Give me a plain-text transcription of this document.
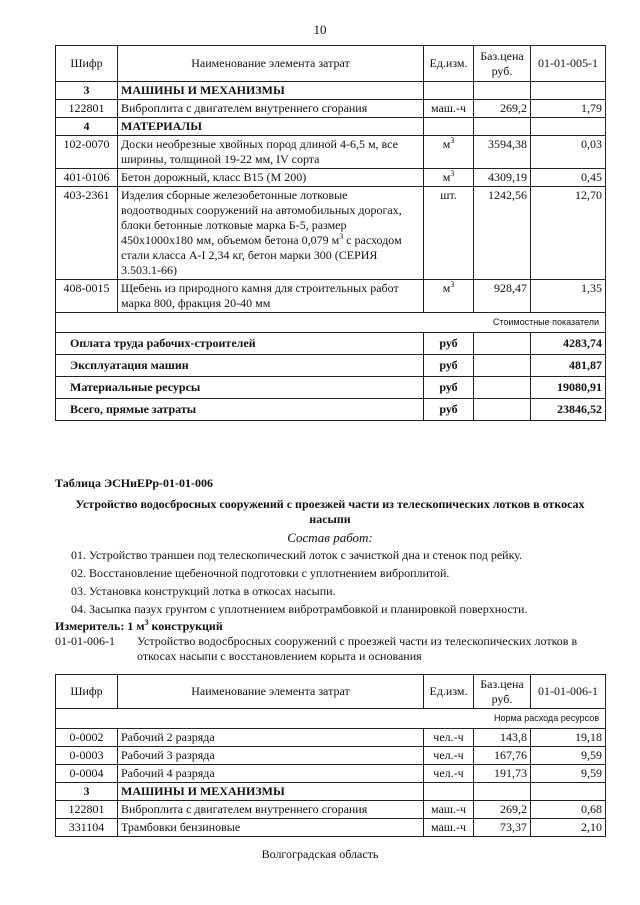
10
Шифр	Наименование элемента затрат	Ед.изм.	Баз.цена руб.	01-01-005-1
3	МАШИНЫ И МЕХАНИЗМЫ			
122801	Виброплита с двигателем внутреннего сгорания	маш.-ч	269,2	1,79
4	МАТЕРИАЛЫ			
102-0070	Доски необрезные хвойных пород длиной 4-6,5 м, все ширины, толщиной 19-22 мм, IV сорта	$м^3$	3594,38	0,03
401-0106	Бетон дорожный, класс В15 (М 200)	$м^3$	4309,19	0,45
403-2361	Изделия сборные железобетонные лотковые водоотводных сооружений на автомобильных дорогах, блоки бетонные лотковые марка Б-5, размер 450х1000х180 мм, объемом бетона 0,079 $м^3$ с расходом стали класса А-I 2,34 кг, бетон марки 300 (СЕРИЯ 3.503.1-66)	шт.	1242,56	12,70
408-0015	Щебень из природного камня для строительных работ марка 800, фракция 20-40 мм	$м^3$	928,47	1,35
Стоимостные показатели				
Оплата труда рабочих-строителей		руб		4283,74
Эксплуатация машин		руб		481,87
Материальные ресурсы		руб		19080,91
Всего, прямые затраты		руб		23846,52
Таблица ЭСНиЕРр-01-01-006
Устройство водосбросных сооружений с проезжей части из телескопических лотков в откосах насыпи
Состав работ:
01. Устройство траншеи под телескопический лоток с зачисткой дна и стенок под рейку.
02. Восстановление щебеночной подготовки с уплотнением виброплитой.
03. Установка конструкций лотка в откосах насыпи.
04. Засыпка пазух грунтом с уплотнением вибротрамбовкой и планировкой поверхности.
Измеритель: 1 $м^3$ конструкций
01-01-006-1	Устройство водосбросных сооружений с проезжей части из телескопических лотков в откосах насыпи с восстановлением корыта и основания
Шифр	Наименование элемента затрат	Ед.изм.	Баз.цена руб.	01-01-006-1
Норма расхода ресурсов				
0-0002	Рабочий 2 разряда	чел.-ч	143,8	19,18
0-0003	Рабочий 3 разряда	чел.-ч	167,76	9,59
0-0004	Рабочий 4 разряда	чел.-ч	191,73	9,59
3	МАШИНЫ И МЕХАНИЗМЫ			
122801	Виброплита с двигателем внутреннего сгорания	маш.-ч	269,2	0,68
331104	Трамбовки бензиновые	маш.-ч	73,37	2,10
Волгоградская область
